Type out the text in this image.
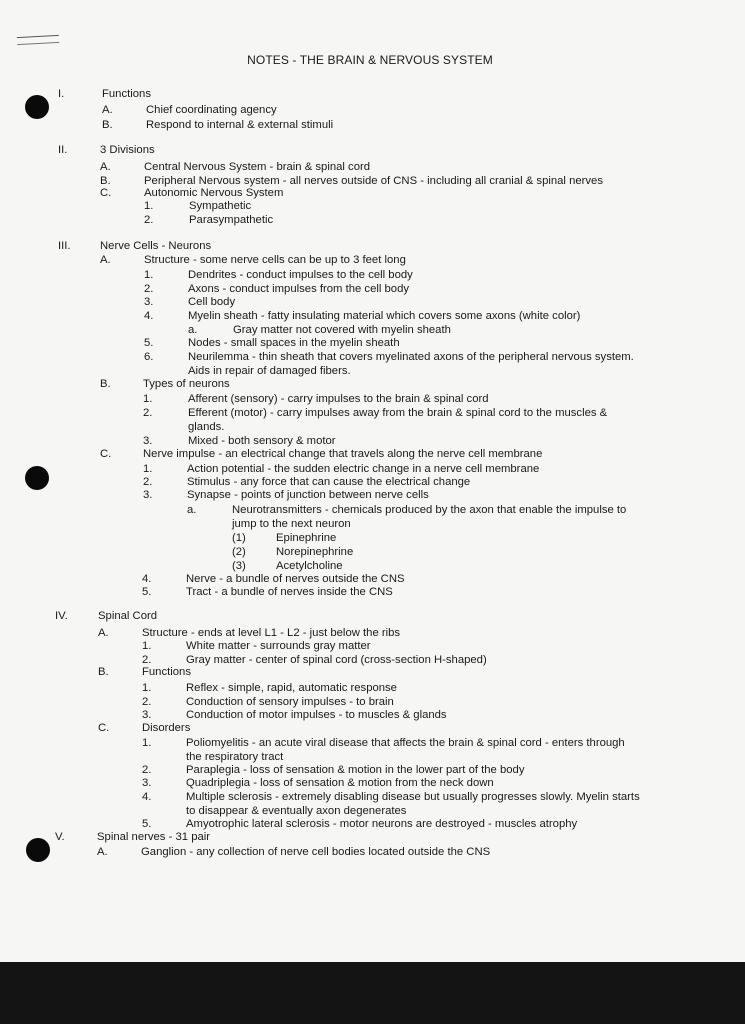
NOTES - THE BRAIN & NERVOUS SYSTEM
I.	Functions
A.	Chief coordinating agency
B.	Respond to internal & external stimuli
II.	3 Divisions
A.	Central Nervous System - brain & spinal cord
B.	Peripheral Nervous system - all nerves outside of CNS - including all cranial & spinal nerves
C.	Autonomic Nervous System
1.	Sympathetic
2.	Parasympathetic
III.	Nerve Cells - Neurons
A.	Structure - some nerve cells can be up to 3 feet long
1.	Dendrites - conduct impulses to the cell body
2.	Axons - conduct impulses from the cell body
3.	Cell body
4.	Myelin sheath - fatty insulating material which covers some axons (white color)
a.	Gray matter not covered with myelin sheath
5.	Nodes - small spaces in the myelin sheath
6.	Neurilemma - thin sheath that covers myelinated axons of the peripheral nervous system.
Aids in repair of damaged fibers.
B.	Types of neurons
1.	Afferent (sensory) - carry impulses to the brain & spinal cord
2.	Efferent (motor) - carry impulses away from the brain & spinal cord to the muscles &
glands.
3.	Mixed - both sensory & motor
C.	Nerve impulse - an electrical change that travels along the nerve cell membrane
1.	Action potential - the sudden electric change in a nerve cell membrane
2.	Stimulus - any force that can cause the electrical change
3.	Synapse - points of junction between nerve cells
a.	Neurotransmitters - chemicals produced by the axon that enable the impulse to
jump to the next neuron
(1)	Epinephrine
(2)	Norepinephrine
(3)	Acetylcholine
4.	Nerve - a bundle of nerves outside the CNS
5.	Tract - a bundle of nerves inside the CNS
IV.	Spinal Cord
A.	Structure - ends at level L1 - L2 - just below the ribs
1.	White matter - surrounds gray matter
2.	Gray matter - center of spinal cord (cross-section H-shaped)
B.	Functions
1.	Reflex - simple, rapid, automatic response
2.	Conduction of sensory impulses - to brain
3.	Conduction of motor impulses - to muscles & glands
C.	Disorders
1.	Poliomyelitis - an acute viral disease that affects the brain & spinal cord - enters through
the respiratory tract
2.	Paraplegia - loss of sensation & motion in the lower part of the body
3.	Quadriplegia - loss of sensation & motion from the neck down
4.	Multiple sclerosis - extremely disabling disease but usually progresses slowly. Myelin starts
to disappear & eventually axon degenerates
5.	Amyotrophic lateral sclerosis - motor neurons are destroyed - muscles atrophy
V.	Spinal nerves - 31 pair
A.	Ganglion - any collection of nerve cell bodies located outside the CNS
